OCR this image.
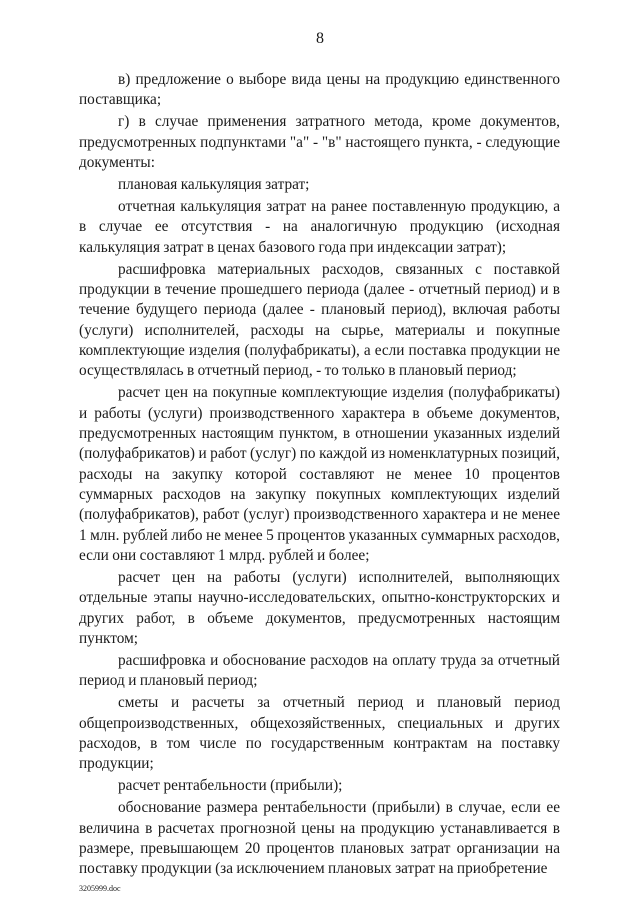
8

в) предложение о выборе вида цены на продукцию единственного поставщика;

г) в случае применения затратного метода, кроме документов, предусмотренных подпунктами "а" - "в" настоящего пункта, - следующие документы:

плановая калькуляция затрат;

отчетная калькуляция затрат на ранее поставленную продукцию, а в случае ее отсутствия - на аналогичную продукцию (исходная калькуляция затрат в ценах базового года при индексации затрат);

расшифровка материальных расходов, связанных с поставкой продукции в течение прошедшего периода (далее - отчетный период) и в течение будущего периода (далее - плановый период), включая работы (услуги) исполнителей, расходы на сырье, материалы и покупные комплектующие изделия (полуфабрикаты), а если поставка продукции не осуществлялась в отчетный период, - то только в плановый период;

расчет цен на покупные комплектующие изделия (полуфабрикаты) и работы (услуги) производственного характера в объеме документов, предусмотренных настоящим пунктом, в отношении указанных изделий (полуфабрикатов) и работ (услуг) по каждой из номенклатурных позиций, расходы на закупку которой составляют не менее 10 процентов суммарных расходов на закупку покупных комплектующих изделий (полуфабрикатов), работ (услуг) производственного характера и не менее 1 млн. рублей либо не менее 5 процентов указанных суммарных расходов, если они составляют 1 млрд. рублей и более;

расчет цен на работы (услуги) исполнителей, выполняющих отдельные этапы научно-исследовательских, опытно-конструкторских и других работ, в объеме документов, предусмотренных настоящим пунктом;

расшифровка и обоснование расходов на оплату труда за отчетный период и плановый период;

сметы и расчеты за отчетный период и плановый период общепроизводственных, общехозяйственных, специальных и других расходов, в том числе по государственным контрактам на поставку продукции;

расчет рентабельности (прибыли);

обоснование размера рентабельности (прибыли) в случае, если ее величина в расчетах прогнозной цены на продукцию устанавливается в размере, превышающем 20 процентов плановых затрат организации на поставку продукции (за исключением плановых затрат на приобретение

3205999.doc
